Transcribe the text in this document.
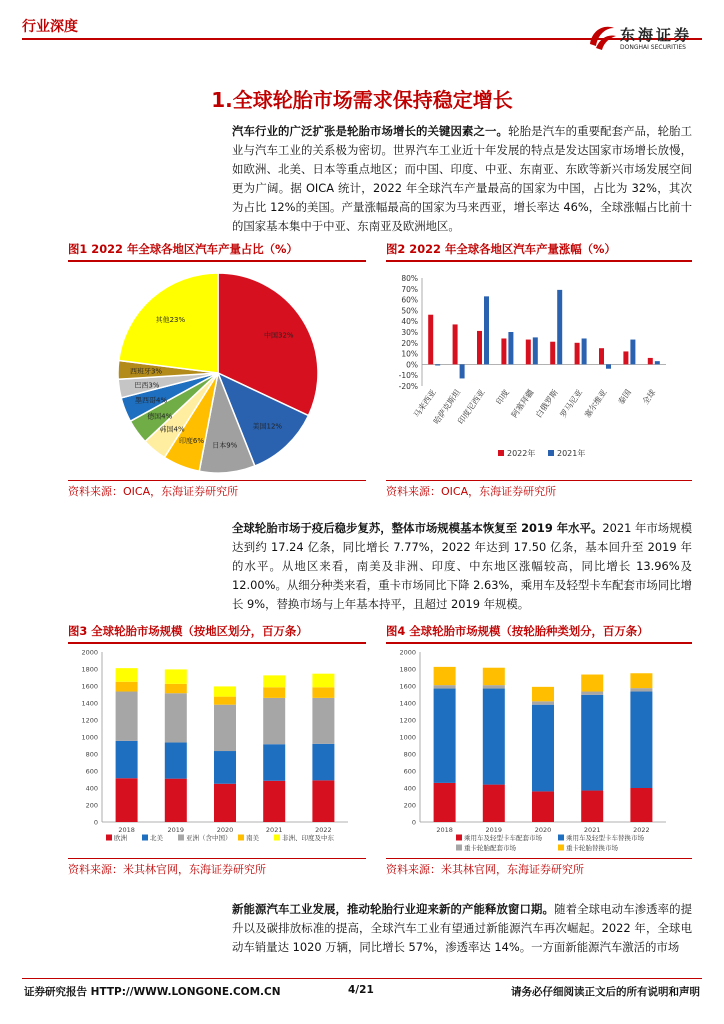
行业深度	东海证券
DONGHAI SECURITIES
1.全球轮胎市场需求保持稳定增长
汽车行业的广泛扩张是轮胎市场增长的关键因素之一。轮胎是汽车的重要配套产品，轮胎工业与汽车工业的关系极为密切。世界汽车工业近十年发展的特点是发达国家市场增长放慢，如欧洲、北美、日本等重点地区；而中国、印度、中亚、东南亚、东欧等新兴市场发展空间更为广阔。据 OICA 统计，2022 年全球汽车产量最高的国家为中国，占比为 32%，其次为占比 12%的美国。产量涨幅最高的国家为马来西亚，增长率达 46%，全球涨幅占比前十的国家基本集中于中亚、东南亚及欧洲地区。
图1 2022 年全球各地区汽车产量占比（%）
中国32%
美国12%
日本9%
印度6%
韩国4%
德国4%
墨西哥4%
巴西3%
西班牙3%
其他23%
资料来源：OICA，东海证券研究所
图2 2022 年全球各地区汽车产量涨幅（%）
80%
70%
60%
50%
40%
30%
20%
10%
0%
-10%
-20%
马来西亚
哈萨克斯坦
印度尼西亚 印度
阿塞拜疆
白俄罗斯
罗马尼亚
塞尔维亚 泰国 全球
2022年	2021年
资料来源：OICA，东海证券研究所
全球轮胎市场于疫后稳步复苏，整体市场规模基本恢复至 2019 年水平。2021 年市场规模达到约 17.24 亿条，同比增长 7.77%，2022 年达到 17.50 亿条，基本回升至 2019 年的水平。从地区来看，南美及非洲、印度、中东地区涨幅较高，同比增长 13.96%及 12.00%。从细分种类来看，重卡市场同比下降 2.63%，乘用车及轻型卡车配套市场同比增长 9%，替换市场与上年基本持平，且超过 2019 年规模。
图3 全球轮胎市场规模（按地区划分，百万条）
2000
1800
1600
1400
1200
1000
800
600
400
200
0
2018	2019	2020	2021	2022
欧洲	北美	亚洲（含中国） 南美	非洲、印度及中东
资料来源：米其林官网，东海证券研究所
图4 全球轮胎市场规模（按轮胎种类划分，百万条）
2000
1800
1600
1400
1200
1000
800
600
400
200
0
2018	2019	2020	2021	2022
乘用车及轻型卡车配套市场	乘用车及轻型卡车替换市场
重卡轮胎配套市场	重卡轮胎替换市场
资料来源：米其林官网，东海证券研究所
新能源汽车工业发展，推动轮胎行业迎来新的产能释放窗口期。随着全球电动车渗透率的提升以及碳排放标准的提高，全球汽车工业有望通过新能源汽车再次崛起。2022 年，全球电动车销量达 1020 万辆，同比增长 57%，渗透率达 14%。一方面新能源汽车激活的市场
证券研究报告 HTTP://WWW.LONGONE.COM.CN	4/21	请务必仔细阅读正文后的所有说明和声明
